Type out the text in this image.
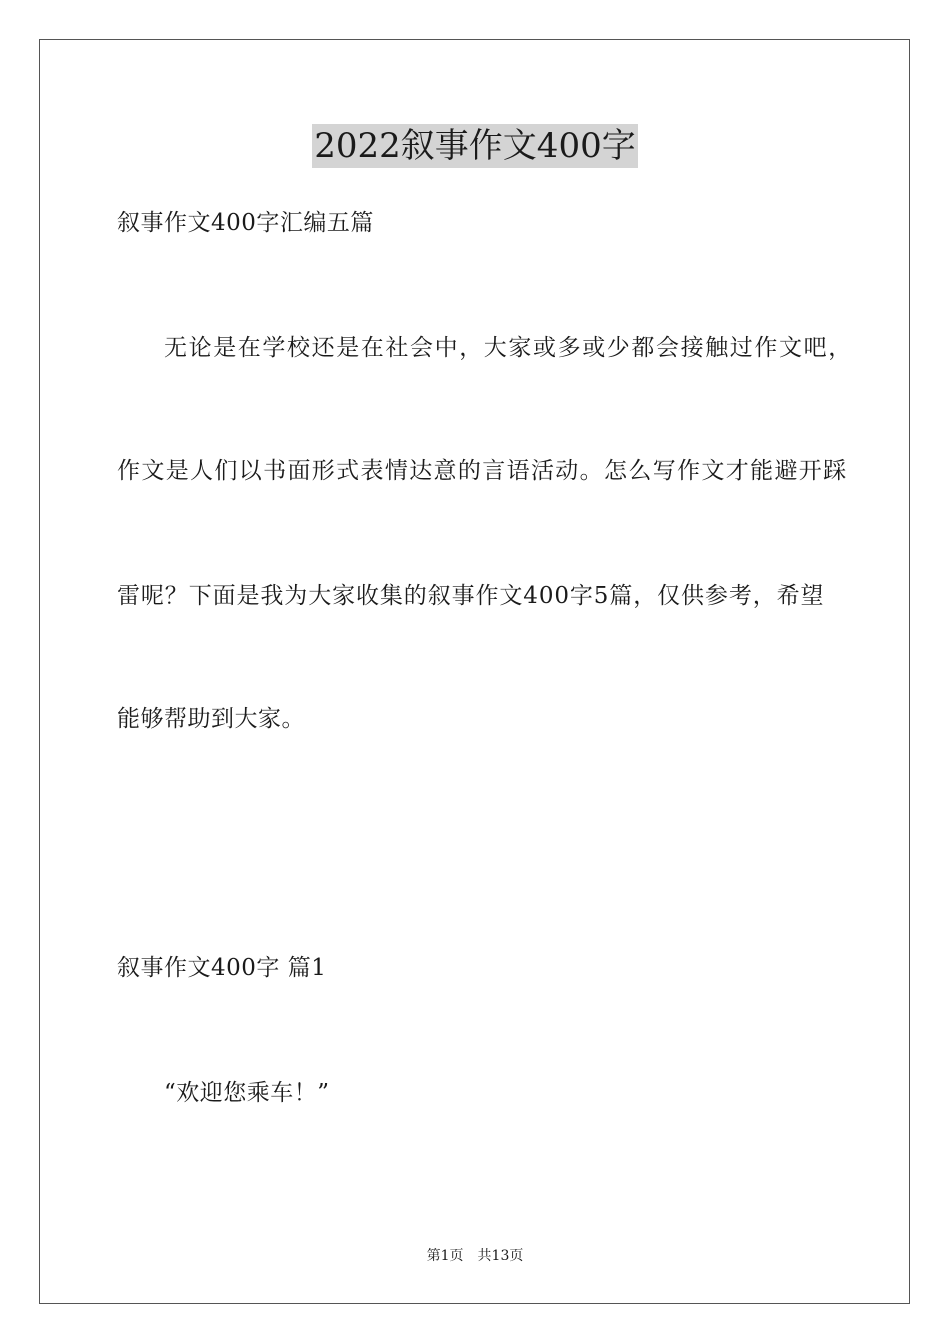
2022叙事作文400字
叙事作文400字汇编五篇
无论是在学校还是在社会中，大家或多或少都会接触过作文吧，
作文是人们以书面形式表情达意的言语活动。怎么写作文才能避开踩
雷呢？下面是我为大家收集的叙事作文400字5篇，仅供参考，希望
能够帮助到大家。
叙事作文400字 篇1
“欢迎您乘车！”
第1页 共13页
